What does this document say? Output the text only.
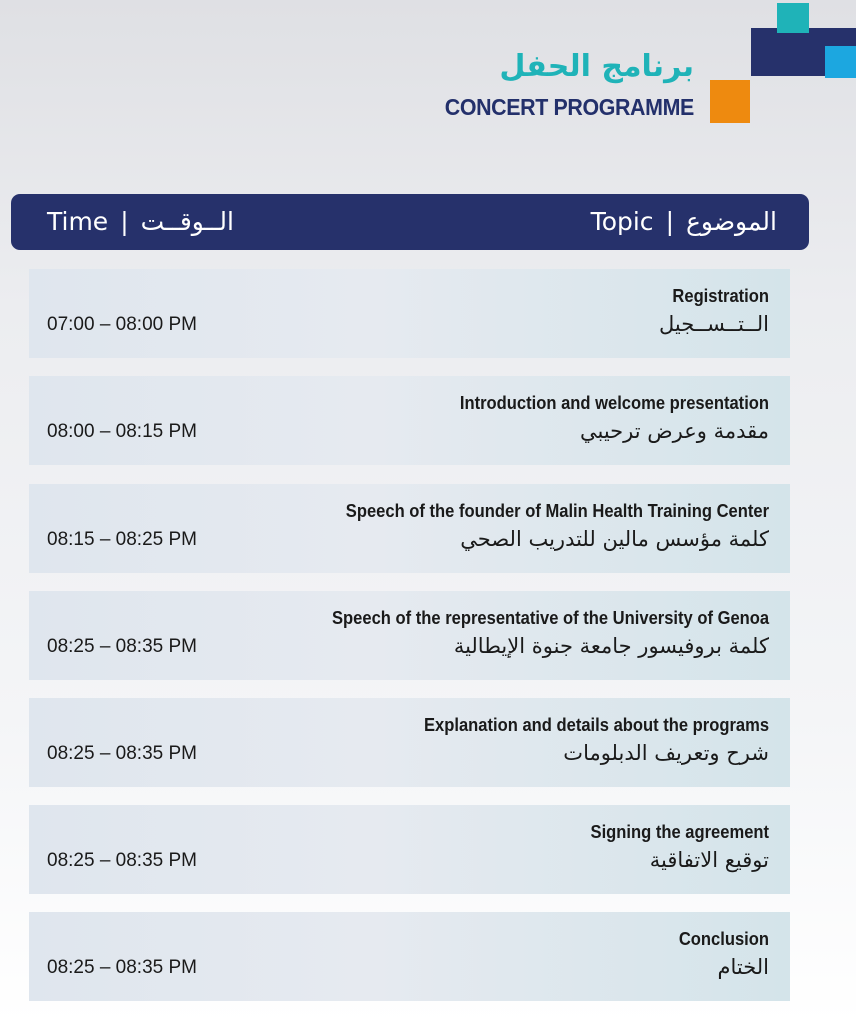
برنامج الحفل
CONCERT PROGRAMME
Time | الــوقــت	Topic | الموضوع
07:00 – 08:00 PM
Registration
الــتــســجيل
08:00 – 08:15 PM
Introduction and welcome presentation
مقدمة وعرض ترحيبي
08:15 – 08:25 PM
Speech of the founder of Malin Health Training Center
كلمة مؤسس مالين للتدريب الصحي
08:25 – 08:35 PM
Speech of the representative of the University of Genoa
كلمة بروفيسور جامعة جنوة الإيطالية
08:25 – 08:35 PM
Explanation and details about the programs
شرح وتعريف الدبلومات
08:25 – 08:35 PM
Signing the agreement
توقيع الاتفاقية
08:25 – 08:35 PM
Conclusion
الختام
